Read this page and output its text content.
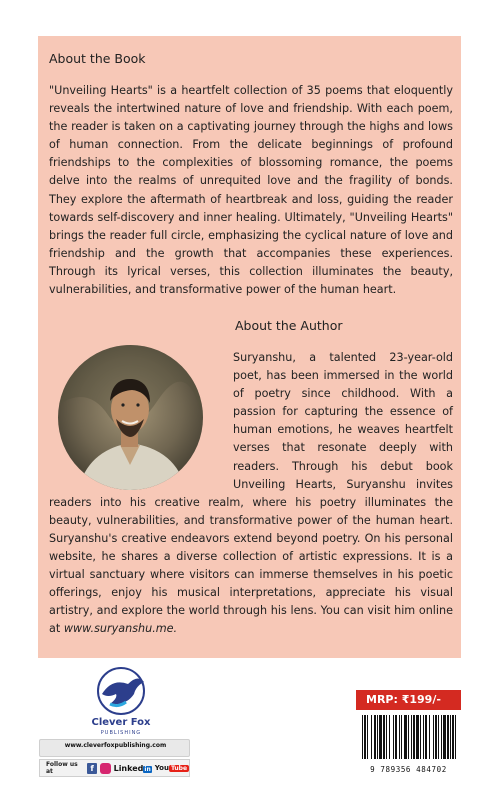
About the Book

"Unveiling Hearts" is a heartfelt collection of 35 poems that eloquently reveals the intertwined nature of love and friendship. With each poem, the reader is taken on a captivating journey through the highs and lows of human connection. From the delicate beginnings of profound friendships to the complexities of blossoming romance, the poems delve into the realms of unrequited love and the fragility of bonds. They explore the aftermath of heartbreak and loss, guiding the reader towards self-discovery and inner healing. Ultimately, "Unveiling Hearts" brings the reader full circle, emphasizing the cyclical nature of love and friendship and the growth that accompanies these experiences. Through its lyrical verses, this collection illuminates the beauty, vulnerabilities, and transformative power of the human heart.

About the Author
Suryanshu, a talented 23-year-old poet, has been immersed in the world of poetry since childhood. With a passion for capturing the essence of human emotions, he weaves heartfelt verses that resonate deeply with readers. Through his debut book Unveiling Hearts, Suryanshu invites readers into his creative realm, where his poetry illuminates the beauty, vulnerabilities, and transformative power of the human heart. Suryanshu's creative endeavors extend beyond poetry. On his personal website, he shares a diverse collection of artistic expressions. It is a virtual sanctuary where visitors can immerse themselves in his poetic offerings, enjoy his musical interpretations, appreciate his visual artistry, and explore the world through his lens. You can visit him online at www.suryanshu.me.
Clever Fox
PUBLISHING
www.cleverfoxpublishing.com
Follow us at	f	Linkedin You Tube
MRP: ₹199/-
9 789356 484702
